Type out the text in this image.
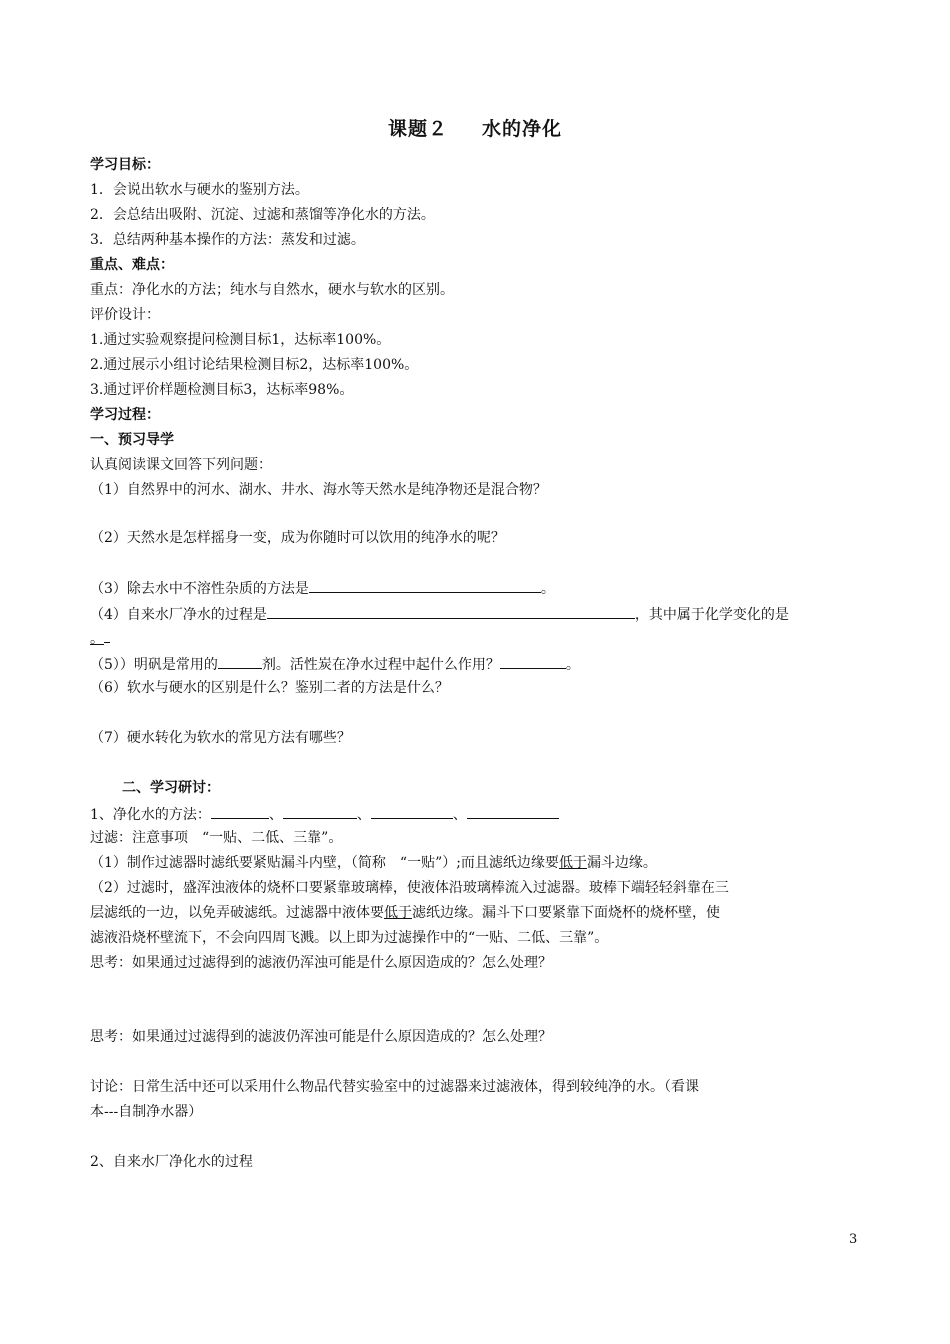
课题２ 水的净化
学习目标：
1．会说出软水与硬水的鉴别方法。
2．会总结出吸附、沉淀、过滤和蒸馏等净化水的方法。
3．总结两种基本操作的方法：蒸发和过滤。
重点、难点：
重点：净化水的方法；纯水与自然水，硬水与软水的区别。
评价设计：
1.通过实验观察提问检测目标1，达标率100%。
2.通过展示小组讨论结果检测目标2，达标率100%。
3.通过评价样题检测目标3，达标率98%。
学习过程：
一、预习导学
认真阅读课文回答下列问题：
（1）自然界中的河水、湖水、井水、海水等天然水是纯净物还是混合物？
（2）天然水是怎样摇身一变，成为你随时可以饮用的纯净水的呢？
（3）除去水中不溶性杂质的方法是	。
（4）自来水厂净水的过程是	，其中属于化学变化的是
。
（5））明矾是常用的	剂。活性炭在净水过程中起什么作用？	。
（6）软水与硬水的区别是什么？鉴别二者的方法是什么？
（7）硬水转化为软水的常见方法有哪些？
二、学习研讨：
1、净化水的方法：	、	、	、
过滤：注意事项　“一贴、二低、三靠”。
（1）制作过滤器时滤纸要紧贴漏斗内壁，（简称　“一贴”）;而且滤纸边缘要低于漏斗边缘。
（2）过滤时，盛浑浊液体的烧杯口要紧靠玻璃棒，使液体沿玻璃棒流入过滤器。玻棒下端轻轻斜靠在三
层滤纸的一边，以免弄破滤纸。过滤器中液体要低于滤纸边缘。漏斗下口要紧靠下面烧杯的烧杯壁，使
滤液沿烧杯壁流下，不会向四周飞溅。以上即为过滤操作中的“一贴、二低、三靠”。
思考：如果通过过滤得到的滤液仍浑浊可能是什么原因造成的？怎么处理？
思考：如果通过过滤得到的滤波仍浑浊可能是什么原因造成的？怎么处理？
讨论：日常生活中还可以采用什么物品代替实验室中的过滤器来过滤液体，得到较纯净的水。（看课
本---自制净水器）
2、自来水厂净化水的过程
3
